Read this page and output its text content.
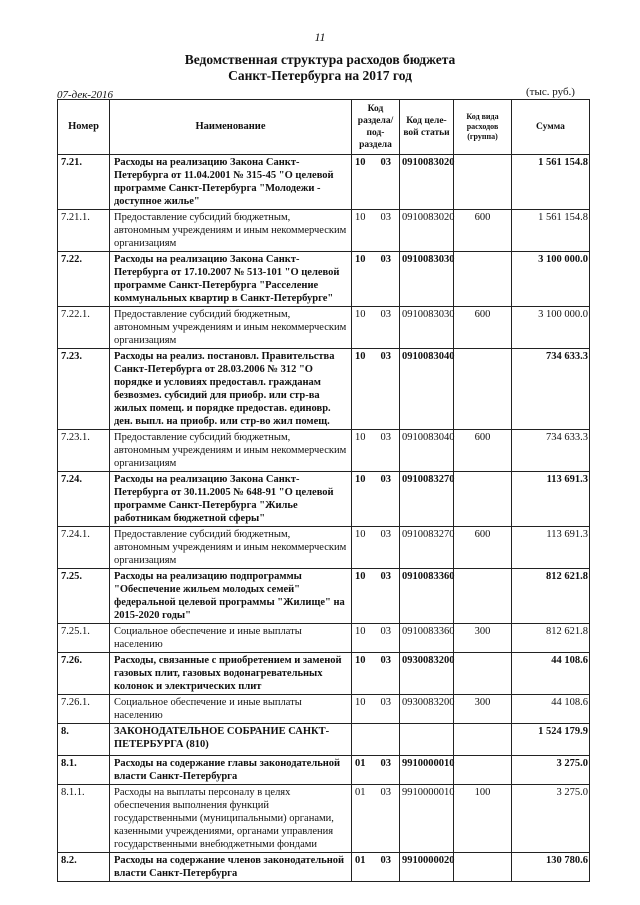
11
Ведомственная структура расходов бюджета
Санкт-Петербурга на 2017 год
07-дек-2016	(тыс. руб.)
Номер	Наименование	Код раздела/ под- раздела	Код целе- вой статьи	Код вида расходов (группа)	Сумма
7.21.	Расходы на реализацию Закона Санкт-Петербурга от 11.04.2001 № 315-45 "О целевой программе Санкт-Петербурга "Молодежи - доступное жилье"	10 03	0910083020		1 561 154.8
7.21.1.	Предоставление субсидий бюджетным, автономным учреждениям и иным некоммерческим организациям	10 03	0910083020	600	1 561 154.8
7.22.	Расходы на реализацию Закона Санкт-Петербурга от 17.10.2007 № 513-101 "О целевой программе Санкт-Петербурга "Расселение коммунальных квартир в Санкт-Петербурге"	10 03	0910083030		3 100 000.0
7.22.1.	Предоставление субсидий бюджетным, автономным учреждениям и иным некоммерческим организациям	10 03	0910083030	600	3 100 000.0
7.23.	Расходы на реализ. постановл. Правительства Санкт-Петербурга от 28.03.2006 № 312 "О порядке и условиях предоставл. гражданам безвозмез. субсидий для приобр. или стр-ва жилых помещ. и порядке предостав. единовр. ден. выпл. на приобр. или стр-во жил помещ.	10 03	0910083040		734 633.3
7.23.1.	Предоставление субсидий бюджетным, автономным учреждениям и иным некоммерческим организациям	10 03	0910083040	600	734 633.3
7.24.	Расходы на реализацию Закона Санкт-Петербурга от 30.11.2005 № 648-91 "О целевой программе Санкт-Петербурга "Жилье работникам бюджетной сферы"	10 03	0910083270		113 691.3
7.24.1.	Предоставление субсидий бюджетным, автономным учреждениям и иным некоммерческим организациям	10 03	0910083270	600	113 691.3
7.25.	Расходы на реализацию подпрограммы "Обеспечение жильем молодых семей" федеральной целевой программы "Жилище" на 2015-2020 годы"	10 03	0910083360		812 621.8
7.25.1.	Социальное обеспечение и иные выплаты населению	10 03	0910083360	300	812 621.8
7.26.	Расходы, связанные с приобретением и заменой газовых плит, газовых водонагревательных колонок и электрических плит	10 03	0930083200		44 108.6
7.26.1.	Социальное обеспечение и иные выплаты населению	10 03	0930083200	300	44 108.6
8.	ЗАКОНОДАТЕЛЬНОЕ СОБРАНИЕ САНКТ-ПЕТЕРБУРГА (810)				1 524 179.9
8.1.	Расходы на содержание главы законодательной власти Санкт-Петербурга	01 03	9910000010		3 275.0
8.1.1.	Расходы на выплаты персоналу в целях обеспечения выполнения функций государственными (муниципальными) органами, казенными учреждениями, органами управления государственными внебюджетными фондами	01 03	9910000010	100	3 275.0
8.2.	Расходы на содержание членов законодательной власти Санкт-Петербурга	01 03	9910000020		130 780.6
